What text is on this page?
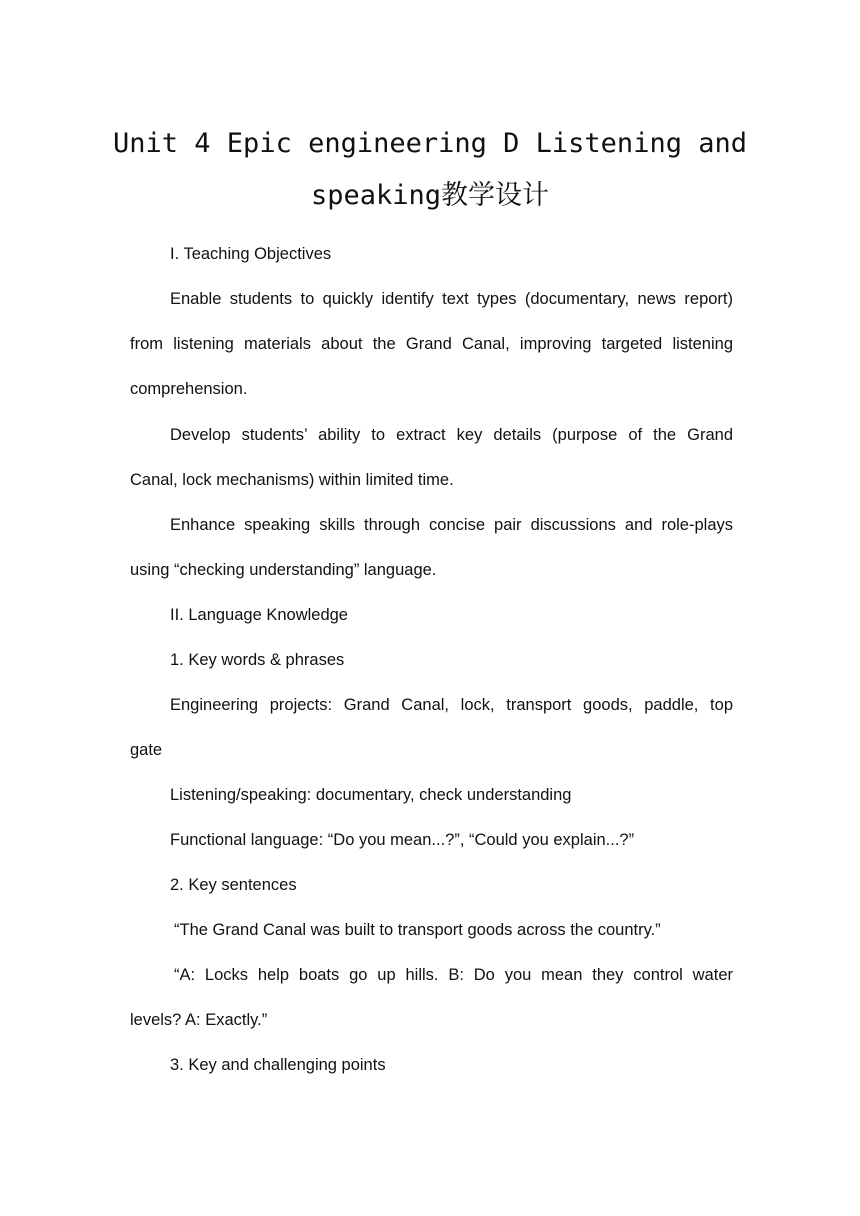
Unit 4 Epic engineering D Listening and
speaking教学设计
I. Teaching Objectives
Enable students to quickly identify text types (documentary, news report)
from listening materials about the Grand Canal, improving targeted listening
comprehension.
Develop students’ ability to extract key details (purpose of the Grand
Canal, lock mechanisms) within limited time.
Enhance speaking skills through concise pair discussions and role-plays
using “checking understanding” language.
II. Language Knowledge
1. Key words & phrases
Engineering projects: Grand Canal, lock, transport goods, paddle, top
gate
Listening/speaking: documentary, check understanding
Functional language: “Do you mean...?”, “Could you explain...?”
2. Key sentences
“The Grand Canal was built to transport goods across the country.”
“A: Locks help boats go up hills. B: Do you mean they control water
levels? A: Exactly.”
3. Key and challenging points
